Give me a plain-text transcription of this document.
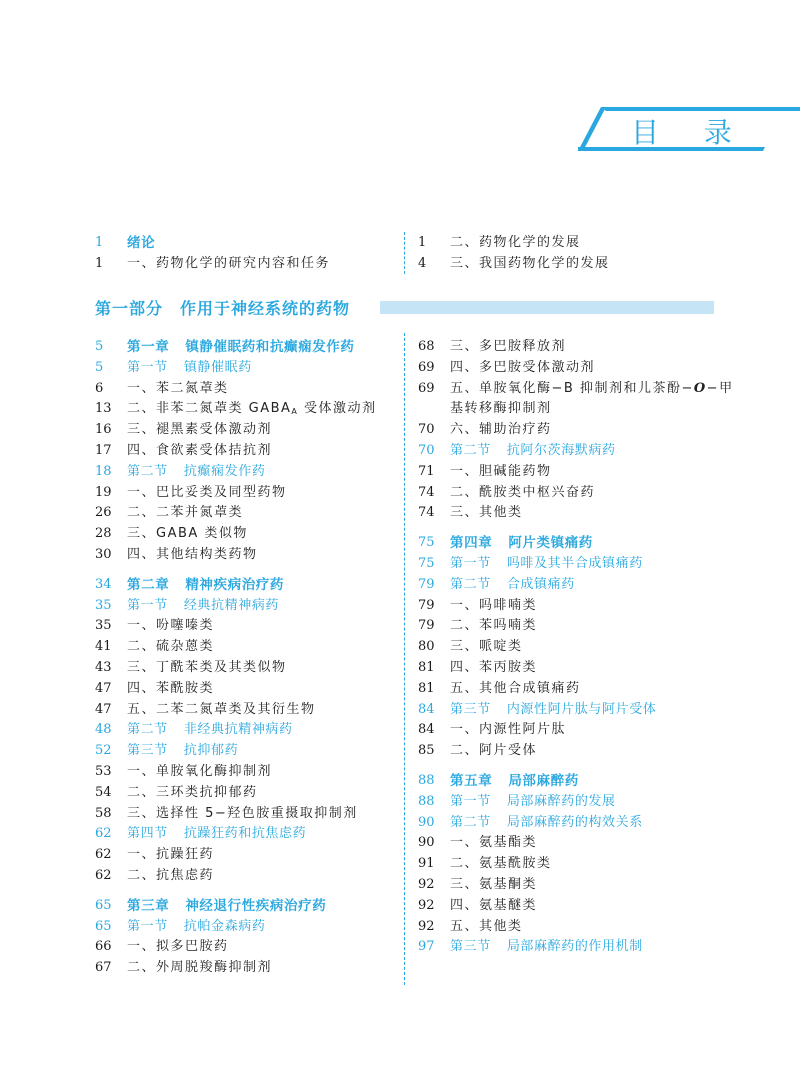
目 录
第一部分　作用于神经系统的药物
1	绪论
1	一、药物化学的研究内容和任务
1	二、药物化学的发展
4	三、我国药物化学的发展
5	第一章 镇静催眠药和抗癫痫发作药
5	第一节 镇静催眠药
6	一、苯二氮䓬类
13	二、非苯二氮䓬类 $GABA_A$ 受体激动剂
16	三、褪黑素受体激动剂
17	四、食欲素受体拮抗剂
18	第二节 抗癫痫发作药
19	一、巴比妥类及同型药物
26	二、二苯并氮䓬类
28	三、GABA 类似物
30	四、其他结构类药物
34	第二章 精神疾病治疗药
35	第一节 经典抗精神病药
35	一、吩噻嗪类
41	二、硫杂蒽类
43	三、丁酰苯类及其类似物
47	四、苯酰胺类
47	五、二苯二氮䓬类及其衍生物
48	第二节 非经典抗精神病药
52	第三节 抗抑郁药
53	一、单胺氧化酶抑制剂
54	二、三环类抗抑郁药
58	三、选择性 5−羟色胺重摄取抑制剂
62	第四节 抗躁狂药和抗焦虑药
62	一、抗躁狂药
62	二、抗焦虑药
65	第三章 神经退行性疾病治疗药
65	第一节 抗帕金森病药
66	一、拟多巴胺药
67	二、外周脱羧酶抑制剂
68	三、多巴胺释放剂
69	四、多巴胺受体激动剂
69	五、单胺氧化酶−B 抑制剂和儿茶酚−O−甲
基转移酶抑制剂
70	六、辅助治疗药
70	第二节 抗阿尔茨海默病药
71	一、胆碱能药物
74	二、酰胺类中枢兴奋药
74	三、其他类
75	第四章 阿片类镇痛药
75	第一节 吗啡及其半合成镇痛药
79	第二节 合成镇痛药
79	一、吗啡喃类
79	二、苯吗喃类
80	三、哌啶类
81	四、苯丙胺类
81	五、其他合成镇痛药
84	第三节 内源性阿片肽与阿片受体
84	一、内源性阿片肽
85	二、阿片受体
88	第五章 局部麻醉药
88	第一节 局部麻醉药的发展
90	第二节 局部麻醉药的构效关系
90	一、氨基酯类
91	二、氨基酰胺类
92	三、氨基酮类
92	四、氨基醚类
92	五、其他类
97	第三节 局部麻醉药的作用机制
